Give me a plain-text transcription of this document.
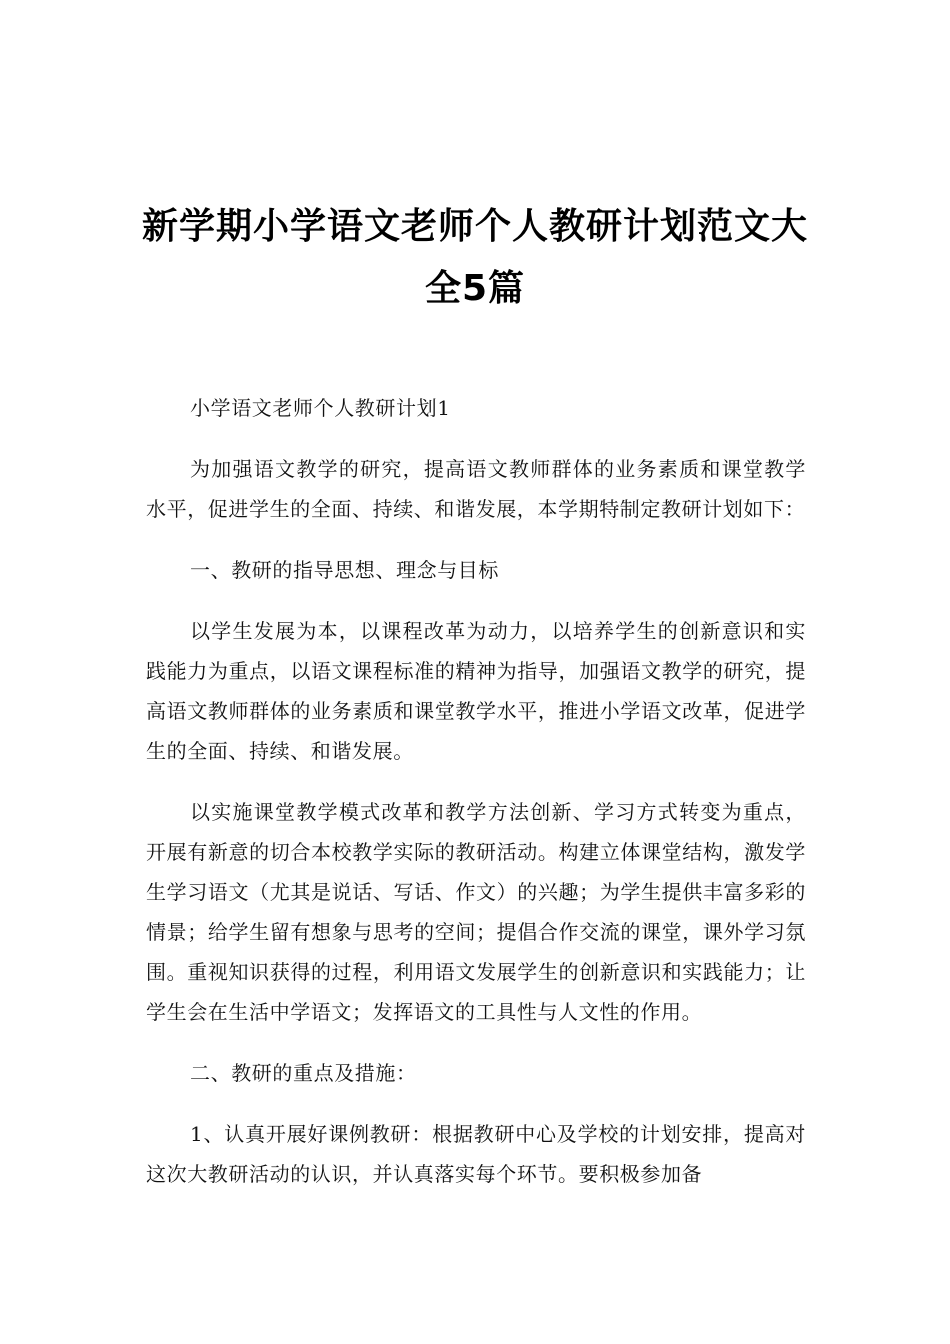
新学期小学语文老师个人教研计划范文大
全5篇

小学语文老师个人教研计划1

为加强语文教学的研究，提高语文教师群体的业务素质和课堂教学水平，促进学生的全面、持续、和谐发展，本学期特制定教研计划如下：

一、教研的指导思想、理念与目标

以学生发展为本，以课程改革为动力，以培养学生的创新意识和实践能力为重点，以语文课程标准的精神为指导，加强语文教学的研究，提高语文教师群体的业务素质和课堂教学水平，推进小学语文改革，促进学生的全面、持续、和谐发展。

以实施课堂教学模式改革和教学方法创新、学习方式转变为重点，开展有新意的切合本校教学实际的教研活动。构建立体课堂结构，激发学生学习语文（尤其是说话、写话、作文）的兴趣；为学生提供丰富多彩的情景；给学生留有想象与思考的空间；提倡合作交流的课堂，课外学习氛围。重视知识获得的过程，利用语文发展学生的创新意识和实践能力；让学生会在生活中学语文；发挥语文的工具性与人文性的作用。

二、教研的重点及措施：

1、认真开展好课例教研：根据教研中心及学校的计划安排，提高对这次大教研活动的认识，并认真落实每个环节。要积极参加备
